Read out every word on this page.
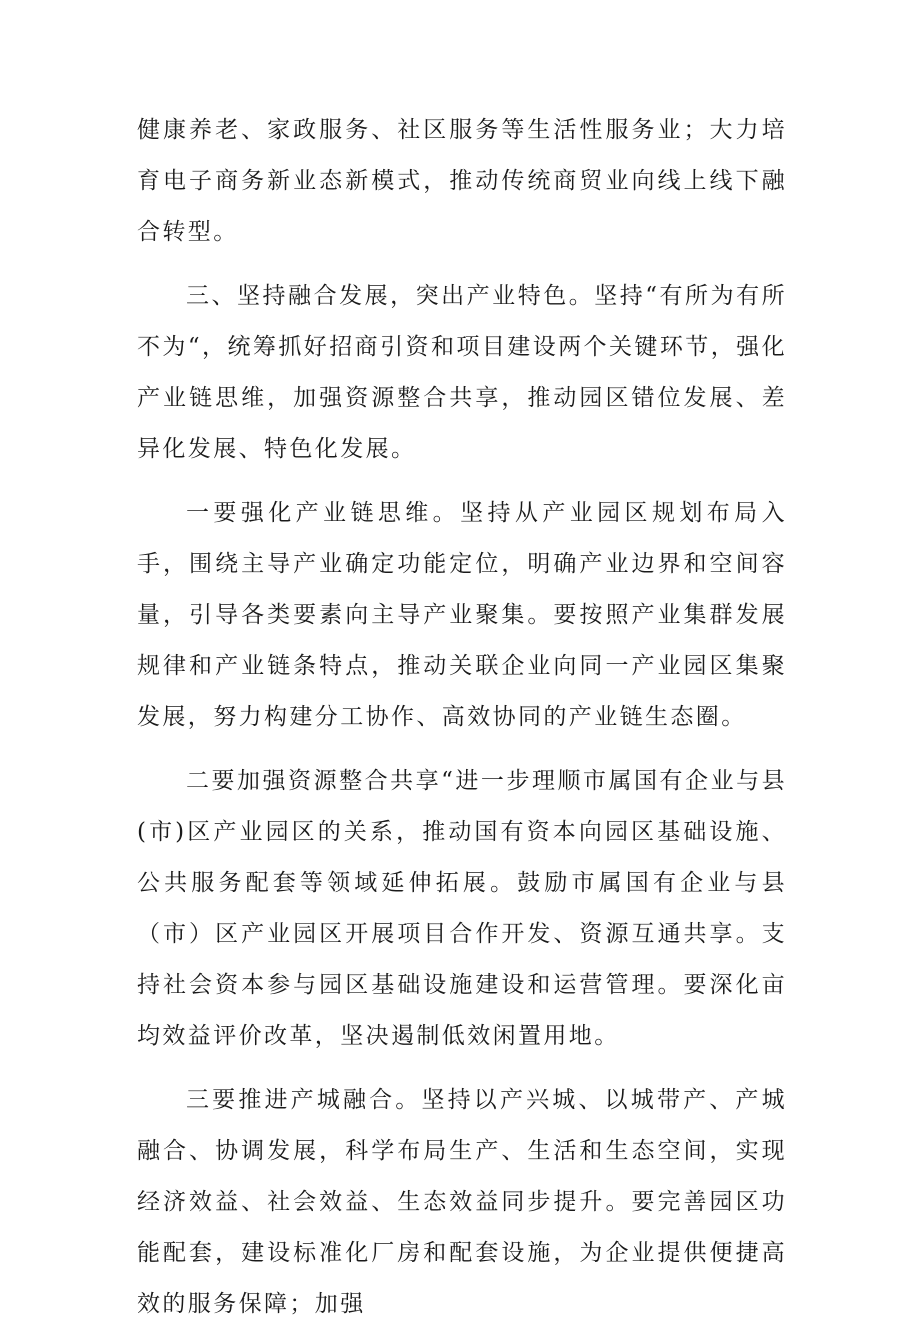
健康养老、家政服务、社区服务等生活性服务业；大力培育电子商务新业态新模式，推动传统商贸业向线上线下融合转型。

三、坚持融合发展，突出产业特色。坚持“有所为有所不为“，统筹抓好招商引资和项目建设两个关键环节，强化产业链思维，加强资源整合共享，推动园区错位发展、差异化发展、特色化发展。

一要强化产业链思维。坚持从产业园区规划布局入手，围绕主导产业确定功能定位，明确产业边界和空间容量，引导各类要素向主导产业聚集。要按照产业集群发展规律和产业链条特点，推动关联企业向同一产业园区集聚发展，努力构建分工协作、高效协同的产业链生态圈。

二要加强资源整合共享“进一步理顺市属国有企业与县(市)区产业园区的关系，推动国有资本向园区基础设施、公共服务配套等领域延伸拓展。鼓励市属国有企业与县（市）区产业园区开展项目合作开发、资源互通共享。支持社会资本参与园区基础设施建设和运营管理。要深化亩均效益评价改革，坚决遏制低效闲置用地。

三要推进产城融合。坚持以产兴城、以城带产、产城融合、协调发展，科学布局生产、生活和生态空间，实现经济效益、社会效益、生态效益同步提升。要完善园区功能配套，建设标准化厂房和配套设施，为企业提供便捷高效的服务保障；加强
